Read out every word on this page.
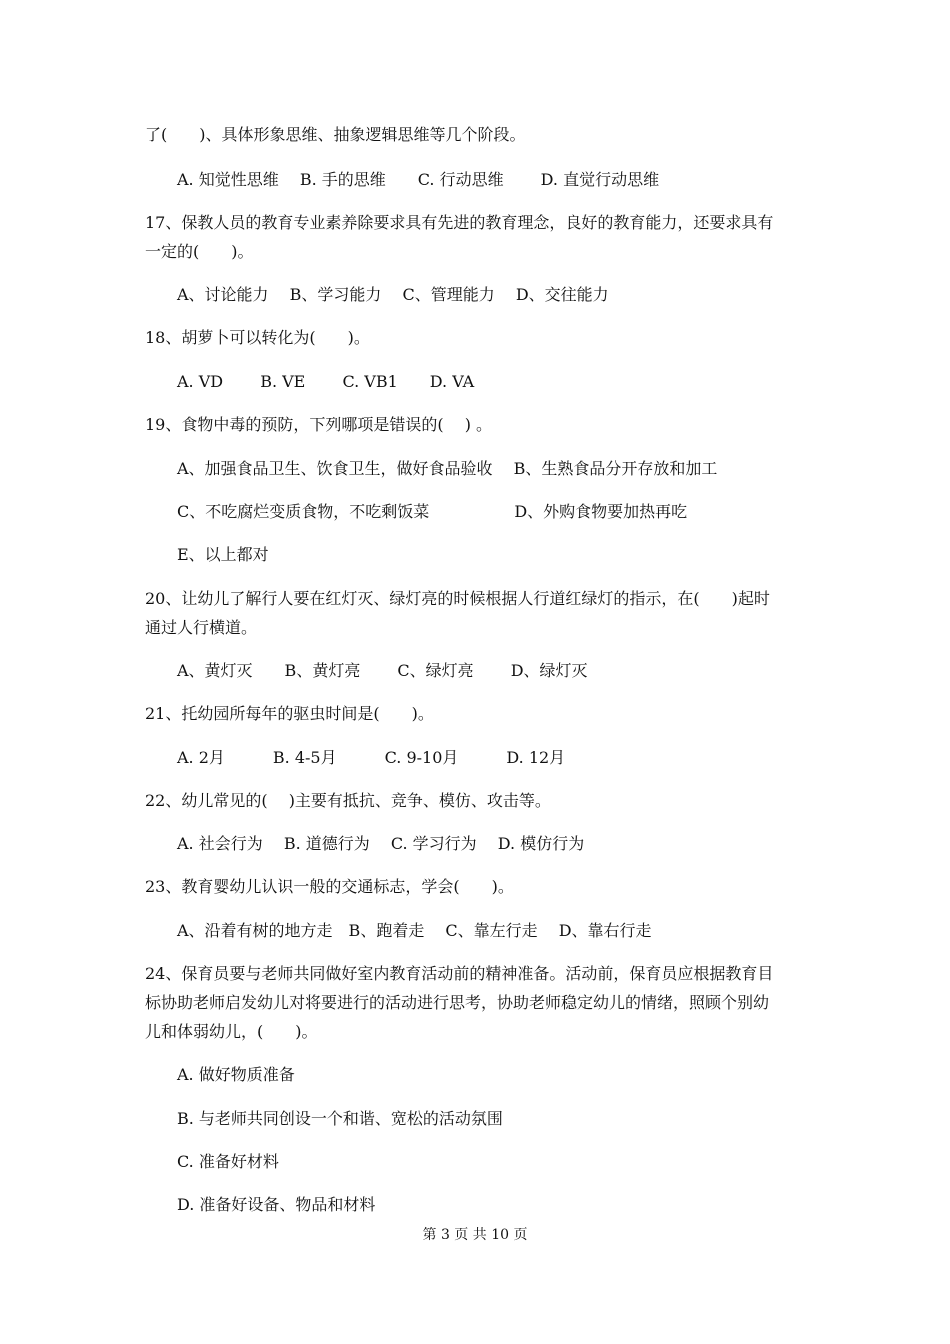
了(　　)、具体形象思维、抽象逻辑思维等几个阶段。
A. 知觉性思维　 B. 手的思维　　C. 行动思维　　 D. 直觉行动思维
17、保教人员的教育专业素养除要求具有先进的教育理念，良好的教育能力，还要求具有
一定的(　　)。
A、讨论能力　 B、学习能力　 C、管理能力　 D、交往能力
18、胡萝卜可以转化为(　　)。
A. VD　　 B. VE　　 C. VB1　　D. VA
19、食物中毒的预防，下列哪项是错误的(　 ) 。
A、加强食品卫生、饮食卫生，做好食品验收　 B、生熟食品分开存放和加工
C、不吃腐烂变质食物，不吃剩饭菜　　　　　 D、外购食物要加热再吃
E、以上都对
20、让幼儿了解行人要在红灯灭、绿灯亮的时候根据人行道红绿灯的指示，在(　　)起时
通过人行横道。
A、黄灯灭　　B、黄灯亮　　 C、绿灯亮　　 D、绿灯灭
21、托幼园所每年的驱虫时间是(　　)。
A. 2月　　　B. 4-5月　　　C. 9-10月　　　D. 12月
22、幼儿常见的(　 )主要有抵抗、竞争、模仿、攻击等。
A. 社会行为　 B. 道德行为　 C. 学习行为　 D. 模仿行为
23、教育婴幼儿认识一般的交通标志，学会(　　)。
A、沿着有树的地方走　B、跑着走　 C、靠左行走　 D、靠右行走
24、保育员要与老师共同做好室内教育活动前的精神准备。活动前，保育员应根据教育目
标协助老师启发幼儿对将要进行的活动进行思考，协助老师稳定幼儿的情绪，照顾个别幼
儿和体弱幼儿，(　　)。
A. 做好物质准备
B. 与老师共同创设一个和谐、宽松的活动氛围
C. 准备好材料
D. 准备好设备、物品和材料
第 3 页 共 10 页
